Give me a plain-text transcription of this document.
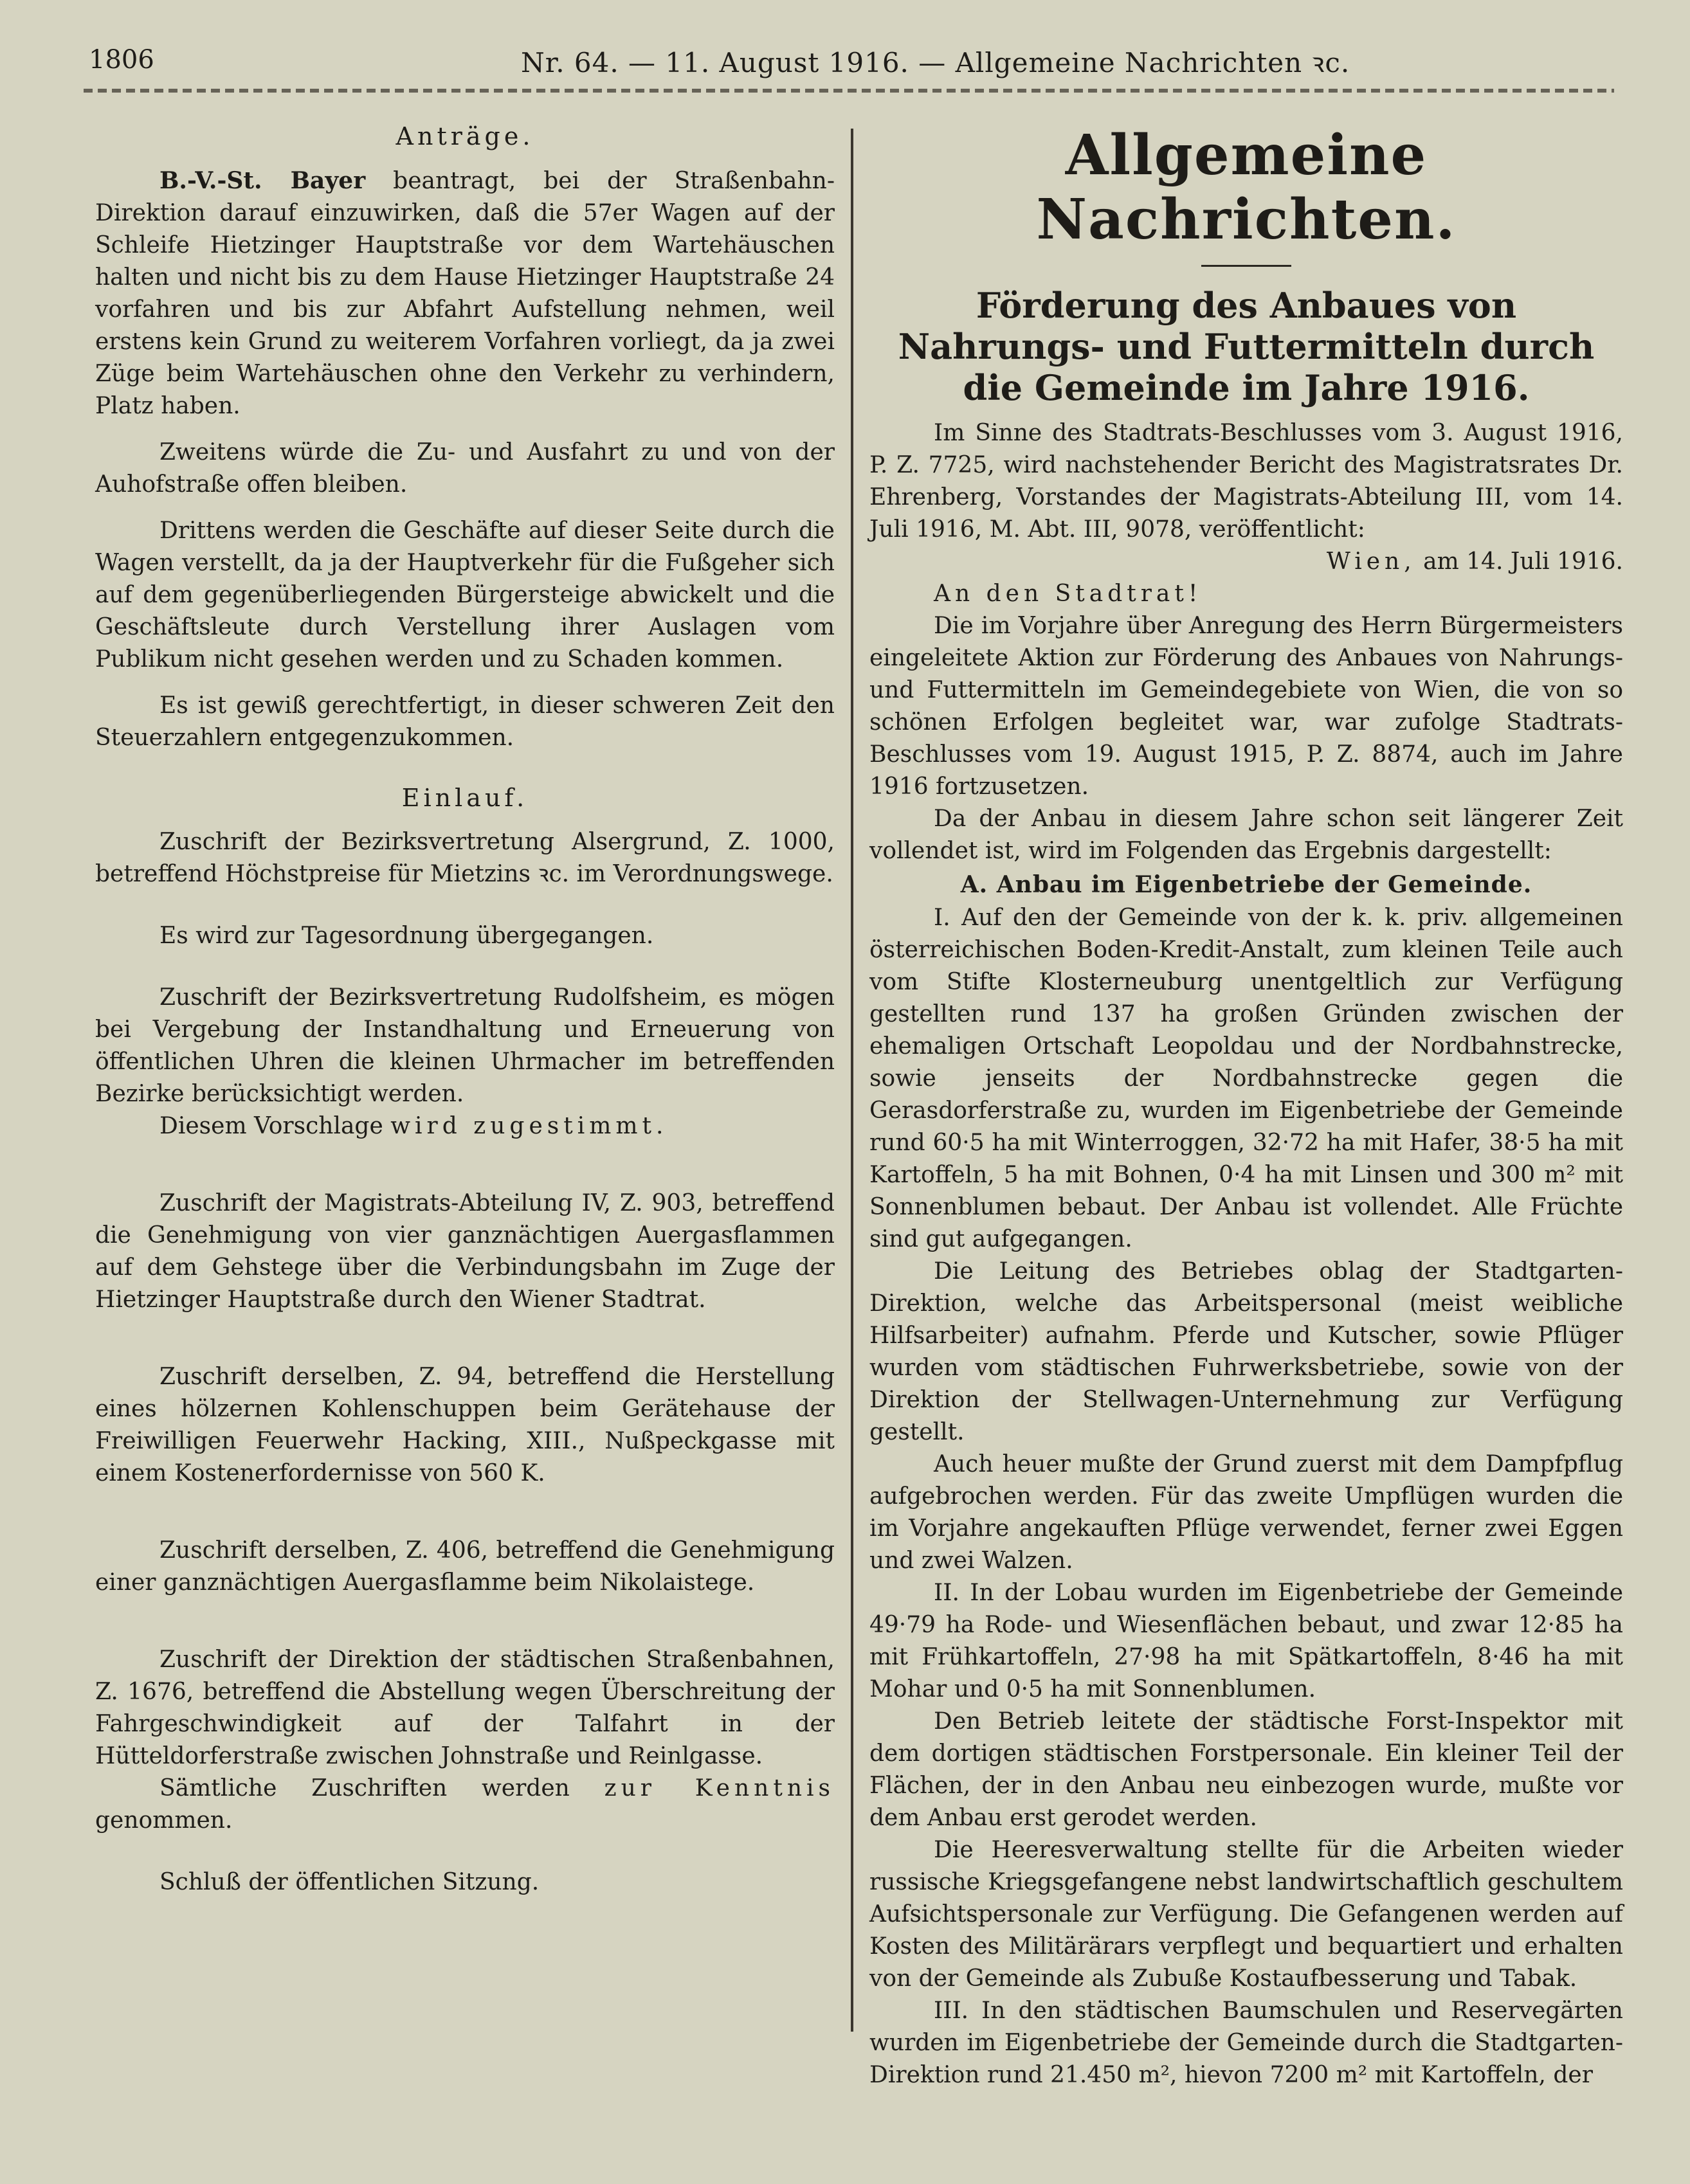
1806	Nr. 64. — 11. August 1916. — Allgemeine Nachrichten ꝛc.

Anträge.

B.-V.-St. Bayer beantragt, bei der Straßenbahn-Direktion darauf einzuwirken, daß die 57er Wagen auf der Schleife Hietzinger Hauptstraße vor dem Wartehäuschen halten und nicht bis zu dem Hause Hietzinger Hauptstraße 24 vorfahren und bis zur Abfahrt Aufstellung nehmen, weil erstens kein Grund zu weiterem Vorfahren vorliegt, da ja zwei Züge beim Wartehäuschen ohne den Verkehr zu verhindern, Platz haben.

Zweitens würde die Zu- und Ausfahrt zu und von der Auhofstraße offen bleiben.

Drittens werden die Geschäfte auf dieser Seite durch die Wagen verstellt, da ja der Hauptverkehr für die Fußgeher sich auf dem gegenüberliegenden Bürgersteige abwickelt und die Geschäftsleute durch Verstellung ihrer Auslagen vom Publikum nicht gesehen werden und zu Schaden kommen.

Es ist gewiß gerechtfertigt, in dieser schweren Zeit den Steuerzahlern entgegenzukommen.

Einlauf.

Zuschrift der Bezirksvertretung Alsergrund, Z. 1000, betreffend Höchstpreise für Mietzins ꝛc. im Verordnungswege.

Es wird zur Tagesordnung übergegangen.

Zuschrift der Bezirksvertretung Rudolfsheim, es mögen bei Vergebung der Instandhaltung und Erneuerung von öffentlichen Uhren die kleinen Uhrmacher im betreffenden Bezirke berücksichtigt werden.

Diesem Vorschlage wird zugestimmt.

Zuschrift der Magistrats-Abteilung IV, Z. 903, betreffend die Genehmigung von vier ganznächtigen Auergasflammen auf dem Gehstege über die Verbindungsbahn im Zuge der Hietzinger Hauptstraße durch den Wiener Stadtrat.

Zuschrift derselben, Z. 94, betreffend die Herstellung eines hölzernen Kohlenschuppen beim Gerätehause der Freiwilligen Feuerwehr Hacking, XIII., Nußpeckgasse mit einem Kostenerfordernisse von 560 K.

Zuschrift derselben, Z. 406, betreffend die Genehmigung einer ganznächtigen Auergasflamme beim Nikolaistege.

Zuschrift der Direktion der städtischen Straßenbahnen, Z. 1676, betreffend die Abstellung wegen Überschreitung der Fahrgeschwindigkeit auf der Talfahrt in der Hütteldorferstraße zwischen Johnstraße und Reinlgasse.

Sämtliche Zuschriften werden zur Kenntnis genommen.

Schluß der öffentlichen Sitzung.

Allgemeine Nachrichten.

Förderung des Anbaues von Nahrungs- und Futtermitteln durch die Gemeinde im Jahre 1916.

Im Sinne des Stadtrats-Beschlusses vom 3. August 1916, P. Z. 7725, wird nachstehender Bericht des Magistratsrates Dr. Ehrenberg, Vorstandes der Magistrats-Abteilung III, vom 14. Juli 1916, M. Abt. III, 9078, veröffentlicht:

Wien, am 14. Juli 1916.

An den Stadtrat!

Die im Vorjahre über Anregung des Herrn Bürgermeisters eingeleitete Aktion zur Förderung des Anbaues von Nahrungs- und Futtermitteln im Gemeindegebiete von Wien, die von so schönen Erfolgen begleitet war, war zufolge Stadtrats-Beschlusses vom 19. August 1915, P. Z. 8874, auch im Jahre 1916 fortzusetzen.

Da der Anbau in diesem Jahre schon seit längerer Zeit vollendet ist, wird im Folgenden das Ergebnis dargestellt:

A. Anbau im Eigenbetriebe der Gemeinde.

I. Auf den der Gemeinde von der k. k. priv. allgemeinen österreichischen Boden-Kredit-Anstalt, zum kleinen Teile auch vom Stifte Klosterneuburg unentgeltlich zur Verfügung gestellten rund 137 ha großen Gründen zwischen der ehemaligen Ortschaft Leopoldau und der Nordbahnstrecke, sowie jenseits der Nordbahnstrecke gegen die Gerasdorferstraße zu, wurden im Eigenbetriebe der Gemeinde rund 60·5 ha mit Winterroggen, 32·72 ha mit Hafer, 38·5 ha mit Kartoffeln, 5 ha mit Bohnen, 0·4 ha mit Linsen und 300 m² mit Sonnenblumen bebaut. Der Anbau ist vollendet. Alle Früchte sind gut aufgegangen.

Die Leitung des Betriebes oblag der Stadtgarten-Direktion, welche das Arbeitspersonal (meist weibliche Hilfsarbeiter) aufnahm. Pferde und Kutscher, sowie Pflüger wurden vom städtischen Fuhrwerksbetriebe, sowie von der Direktion der Stellwagen-Unternehmung zur Verfügung gestellt.

Auch heuer mußte der Grund zuerst mit dem Dampfpflug aufgebrochen werden. Für das zweite Umpflügen wurden die im Vorjahre angekauften Pflüge verwendet, ferner zwei Eggen und zwei Walzen.

II. In der Lobau wurden im Eigenbetriebe der Gemeinde 49·79 ha Rode- und Wiesenflächen bebaut, und zwar 12·85 ha mit Frühkartoffeln, 27·98 ha mit Spätkartoffeln, 8·46 ha mit Mohar und 0·5 ha mit Sonnenblumen.

Den Betrieb leitete der städtische Forst-Inspektor mit dem dortigen städtischen Forstpersonale. Ein kleiner Teil der Flächen, der in den Anbau neu einbezogen wurde, mußte vor dem Anbau erst gerodet werden.

Die Heeresverwaltung stellte für die Arbeiten wieder russische Kriegsgefangene nebst landwirtschaftlich geschultem Aufsichtspersonale zur Verfügung. Die Gefangenen werden auf Kosten des Militärärars verpflegt und bequartiert und erhalten von der Gemeinde als Zubuße Kostaufbesserung und Tabak.

III. In den städtischen Baumschulen und Reservegärten wurden im Eigenbetriebe der Gemeinde durch die Stadtgarten-Direktion rund 21.450 m², hievon 7200 m² mit Kartoffeln, der
